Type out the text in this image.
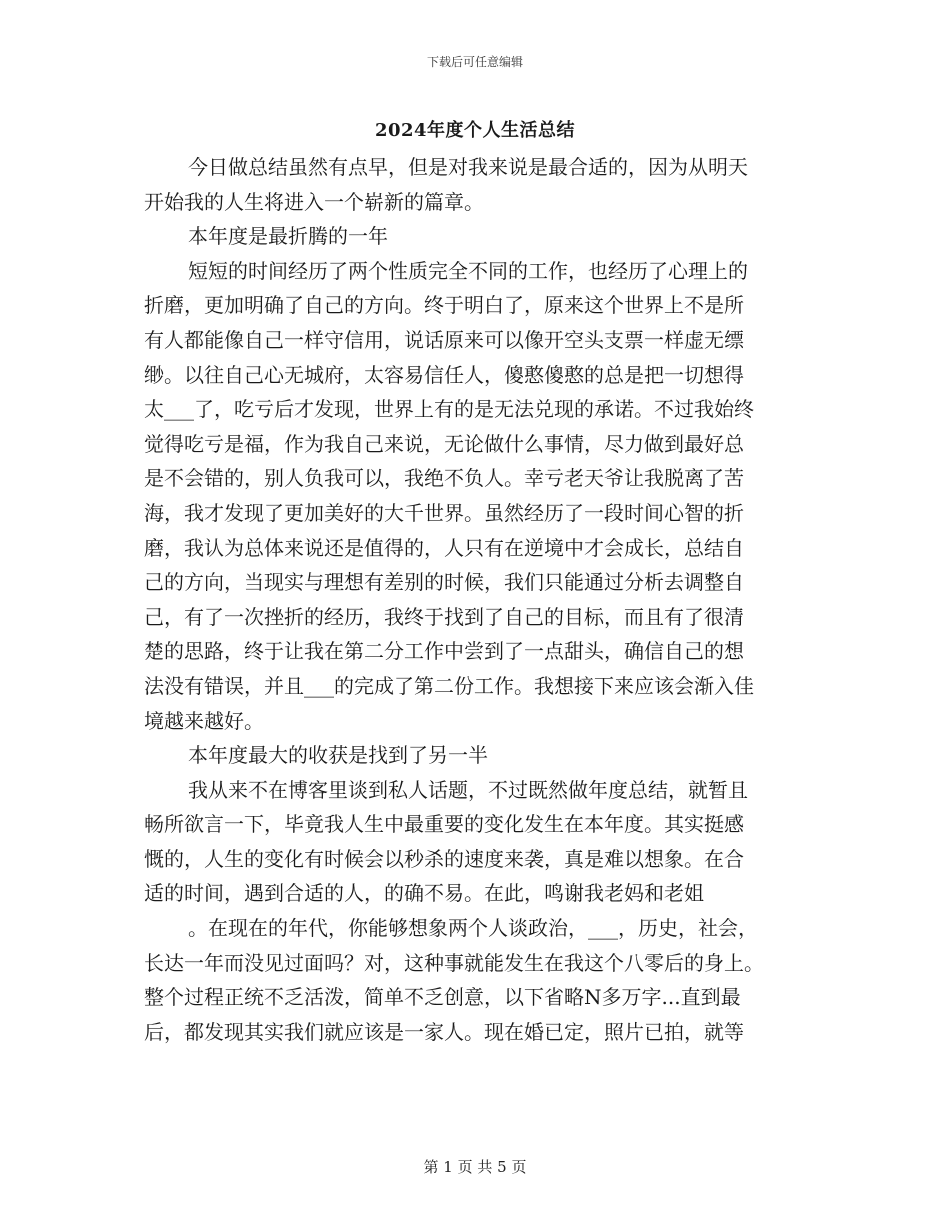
下载后可任意编辑
2024年度个人生活总结
今日做总结虽然有点早，但是对我来说是最合适的，因为从明天
开始我的人生将进入一个崭新的篇章。
本年度是最折腾的一年
短短的时间经历了两个性质完全不同的工作，也经历了心理上的
折磨，更加明确了自己的方向。终于明白了，原来这个世界上不是所
有人都能像自己一样守信用，说话原来可以像开空头支票一样虚无缥
缈。以往自己心无城府，太容易信任人，傻憨傻憨的总是把一切想得
太___了，吃亏后才发现，世界上有的是无法兑现的承诺。不过我始终
觉得吃亏是福，作为我自己来说，无论做什么事情，尽力做到最好总
是不会错的，别人负我可以，我绝不负人。幸亏老天爷让我脱离了苦
海，我才发现了更加美好的大千世界。虽然经历了一段时间心智的折
磨，我认为总体来说还是值得的，人只有在逆境中才会成长，总结自
己的方向，当现实与理想有差别的时候，我们只能通过分析去调整自
己，有了一次挫折的经历，我终于找到了自己的目标，而且有了很清
楚的思路，终于让我在第二分工作中尝到了一点甜头，确信自己的想
法没有错误，并且___的完成了第二份工作。我想接下来应该会渐入佳
境越来越好。
本年度最大的收获是找到了另一半
我从来不在博客里谈到私人话题，不过既然做年度总结，就暂且
畅所欲言一下，毕竟我人生中最重要的变化发生在本年度。其实挺感
慨的，人生的变化有时候会以秒杀的速度来袭，真是难以想象。在合
适的时间，遇到合适的人，的确不易。在此，鸣谢我老妈和老姐
。在现在的年代，你能够想象两个人谈政治，___，历史，社会，
长达一年而没见过面吗？对，这种事就能发生在我这个八零后的身上。
整个过程正统不乏活泼，简单不乏创意，以下省略N多万字...直到最
后，都发现其实我们就应该是一家人。现在婚已定，照片已拍，就等
第 1 页 共 5 页
